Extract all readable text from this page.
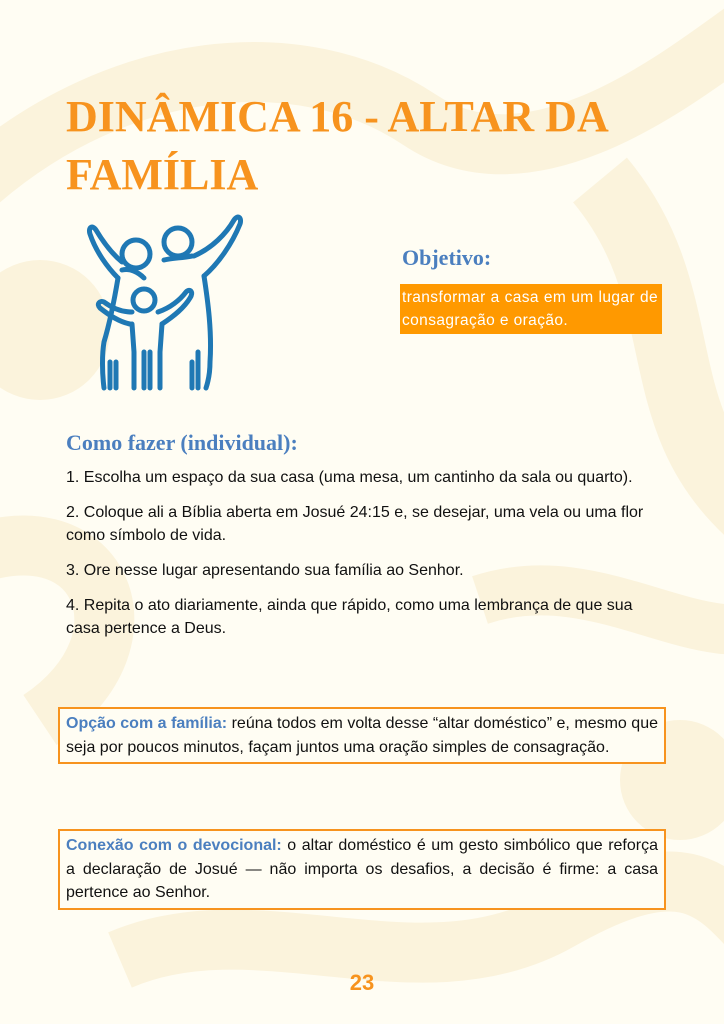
DINÂMICA 16 - ALTAR DA FAMÍLIA
Objetivo:
transformar a casa em um lugar de consagração e oração.
Como fazer (individual):
1. Escolha um espaço da sua casa (uma mesa, um cantinho da sala ou quarto).
2. Coloque ali a Bíblia aberta em Josué 24:15 e, se desejar, uma vela ou uma flor como símbolo de vida.
3. Ore nesse lugar apresentando sua família ao Senhor.
4. Repita o ato diariamente, ainda que rápido, como uma lembrança de que sua casa pertence a Deus.
Opção com a família: reúna todos em volta desse “altar doméstico” e, mesmo que seja por poucos minutos, façam juntos uma oração simples de consagração.
Conexão com o devocional: o altar doméstico é um gesto simbólico que reforça a declaração de Josué — não importa os desafios, a decisão é firme: a casa pertence ao Senhor.
23
